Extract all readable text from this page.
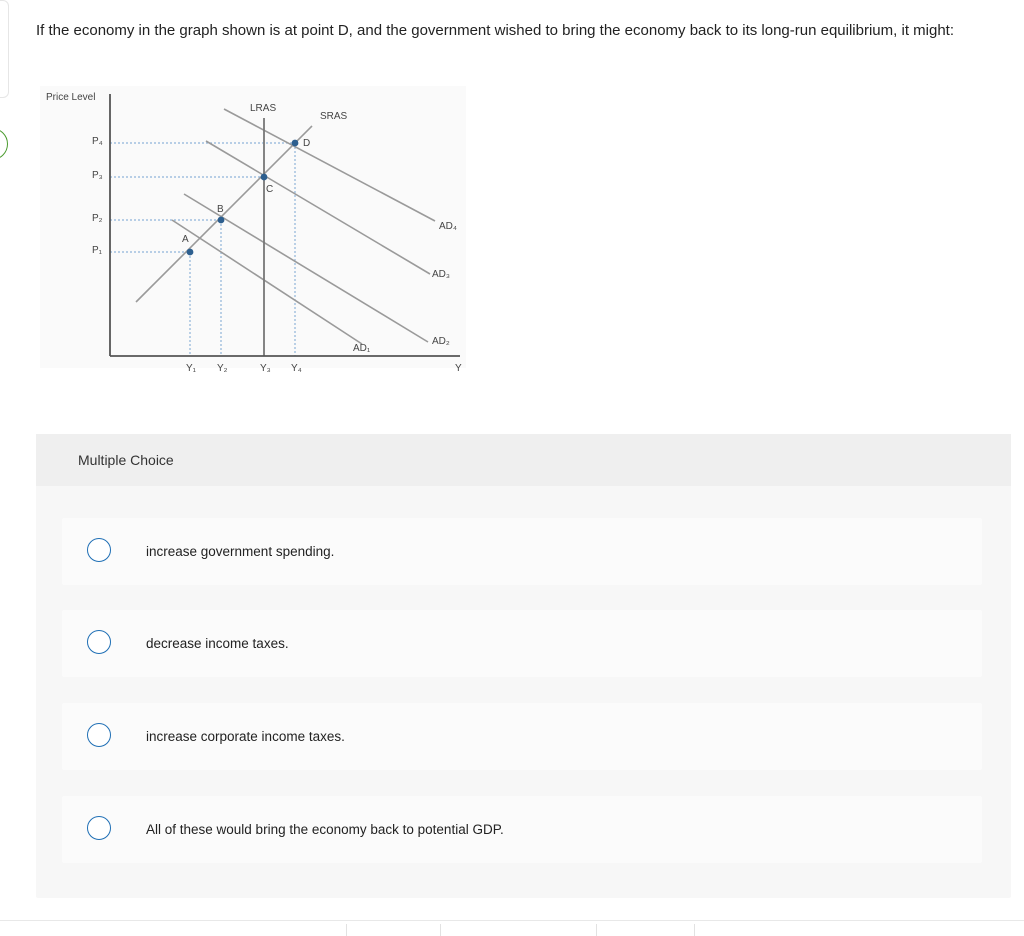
If the economy in the graph shown is at point D, and the government wished to bring the economy back to its long-run equilibrium, it might:
Price Level
LRAS
SRAS
AD₁
AD₂
AD₃
AD₄
P₄
P₃
P₂
P₁
Y₁ Y₂	Y₃ Y₄	Y
A
B
C
D
Multiple Choice
increase government spending.
decrease income taxes.
increase corporate income taxes.
All of these would bring the economy back to potential GDP.
